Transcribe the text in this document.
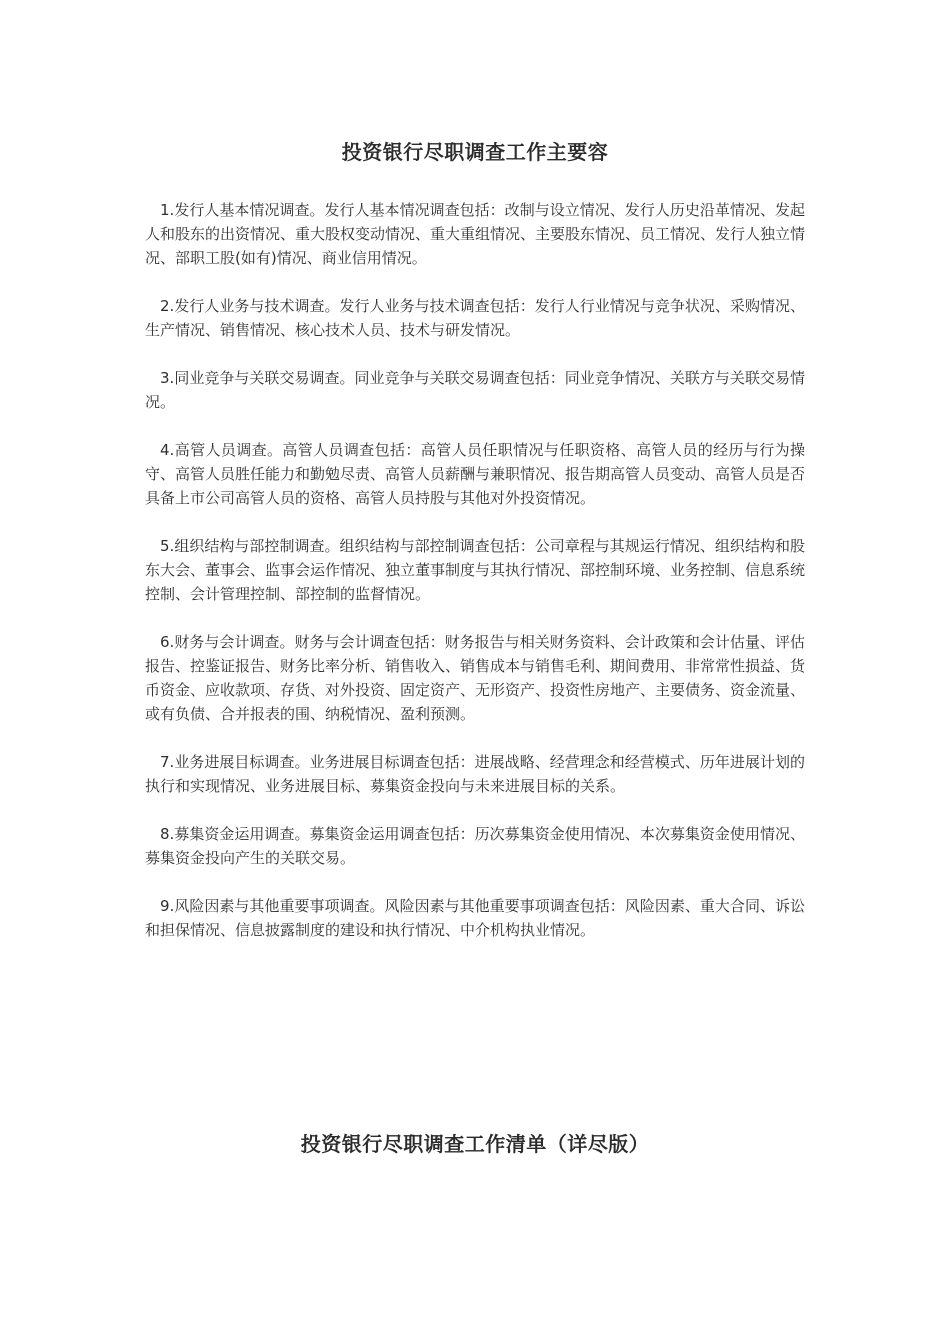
投资银行尽职调查工作主要容

1.发行人基本情况调查。发行人基本情况调查包括：改制与设立情况、发行人历史沿革情况、发起人和股东的出资情况、重大股权变动情况、重大重组情况、主要股东情况、员工情况、发行人独立情况、部职工股(如有)情况、商业信用情况。

2.发行人业务与技术调查。发行人业务与技术调查包括：发行人行业情况与竞争状况、采购情况、生产情况、销售情况、核心技术人员、技术与研发情况。

3.同业竞争与关联交易调查。同业竞争与关联交易调查包括：同业竞争情况、关联方与关联交易情况。

4.高管人员调查。高管人员调查包括：高管人员任职情况与任职资格、高管人员的经历与行为操守、高管人员胜任能力和勤勉尽责、高管人员薪酬与兼职情况、报告期高管人员变动、高管人员是否具备上市公司高管人员的资格、高管人员持股与其他对外投资情况。

5.组织结构与部控制调查。组织结构与部控制调查包括：公司章程与其规运行情况、组织结构和股东大会、董事会、监事会运作情况、独立董事制度与其执行情况、部控制环境、业务控制、信息系统控制、会计管理控制、部控制的监督情况。

6.财务与会计调查。财务与会计调查包括：财务报告与相关财务资料、会计政策和会计估量、评估报告、控鉴证报告、财务比率分析、销售收入、销售成本与销售毛利、期间费用、非常常性损益、货币资金、应收款项、存货、对外投资、固定资产、无形资产、投资性房地产、主要债务、资金流量、或有负债、合并报表的围、纳税情况、盈利预测。

7.业务进展目标调查。业务进展目标调查包括：进展战略、经营理念和经营模式、历年进展计划的执行和实现情况、业务进展目标、募集资金投向与未来进展目标的关系。

8.募集资金运用调查。募集资金运用调查包括：历次募集资金使用情况、本次募集资金使用情况、募集资金投向产生的关联交易。

9.风险因素与其他重要事项调查。风险因素与其他重要事项调查包括：风险因素、重大合同、诉讼和担保情况、信息披露制度的建设和执行情况、中介机构执业情况。

投资银行尽职调查工作清单（详尽版）
